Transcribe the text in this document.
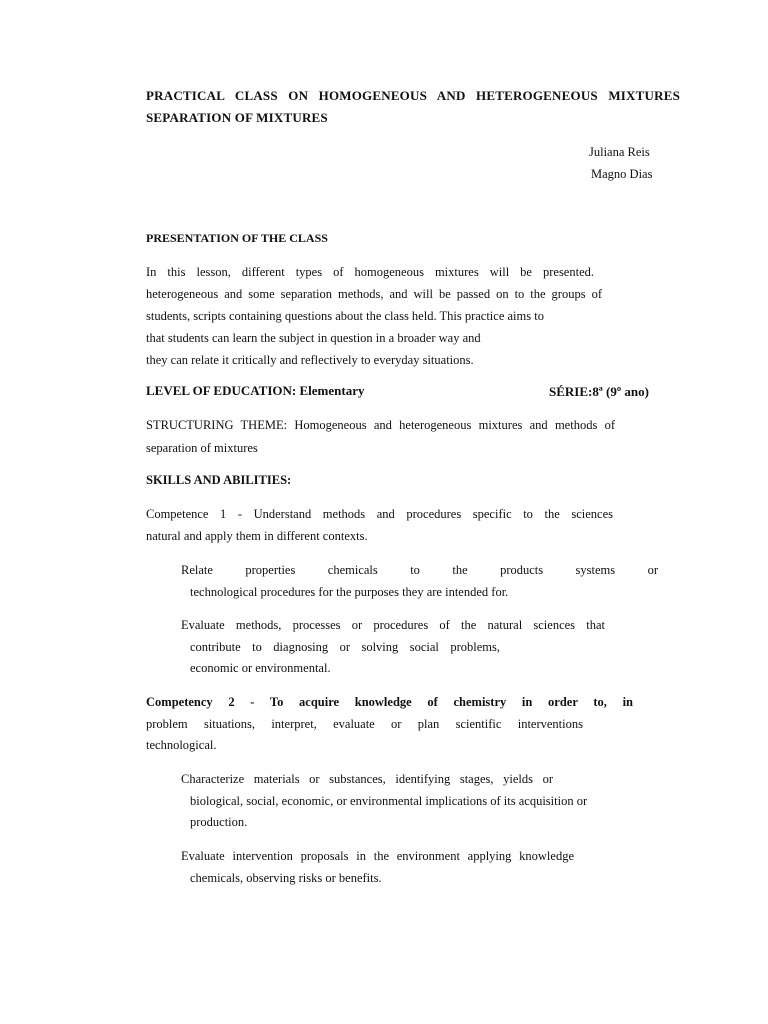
PRACTICAL CLASS ON HOMOGENEOUS AND HETEROGENEOUS MIXTURES
SEPARATION OF MIXTURES
Juliana Reis
Magno Dias
PRESENTATION OF THE CLASS
In this lesson, different types of homogeneous mixtures will be presented.
heterogeneous and some separation methods, and will be passed on to the groups of
students, scripts containing questions about the class held. This practice aims to
that students can learn the subject in question in a broader way and
they can relate it critically and reflectively to everyday situations.
LEVEL OF EDUCATION: Elementary	SÉRIE:8ª (9º ano)
STRUCTURING THEME: Homogeneous and heterogeneous mixtures and methods of
separation of mixtures
SKILLS AND ABILITIES:
Competence 1 - Understand methods and procedures specific to the sciences
natural and apply them in different contexts.
Relate properties chemicals to the products systems or
technological procedures for the purposes they are intended for.
Evaluate methods, processes or procedures of the natural sciences that
contribute to diagnosing or solving social problems,
economic or environmental.
Competency 2 - To acquire knowledge of chemistry in order to, in
problem situations, interpret, evaluate or plan scientific interventions
technological.
Characterize materials or substances, identifying stages, yields or
biological, social, economic, or environmental implications of its acquisition or
production.
Evaluate intervention proposals in the environment applying knowledge
chemicals, observing risks or benefits.
